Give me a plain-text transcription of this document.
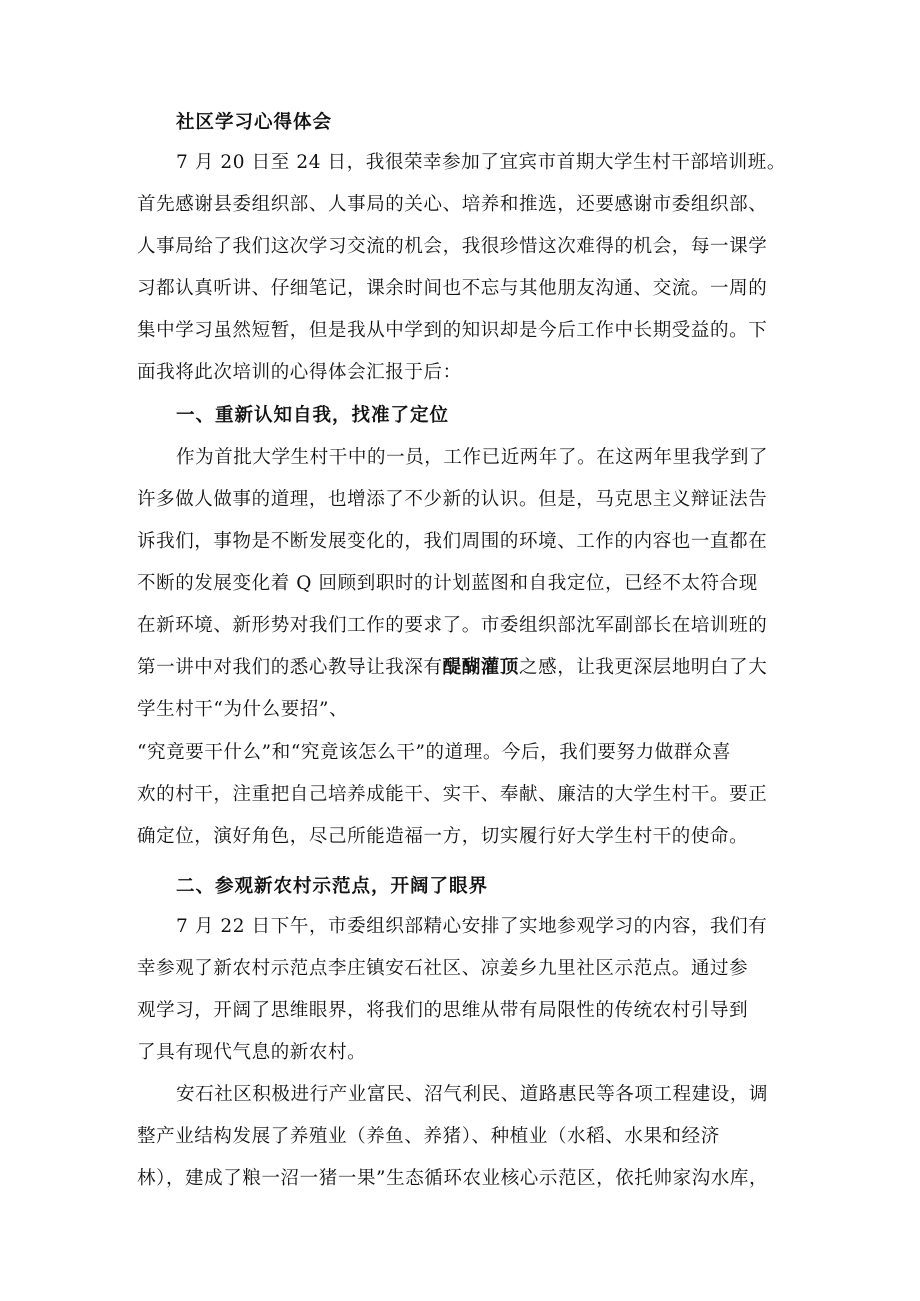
社区学习心得体会
7 月 20 日至 24 日，我很荣幸参加了宜宾市首期大学生村干部培训班。
首先感谢县委组织部、人事局的关心、培养和推选，还要感谢市委组织部、
人事局给了我们这次学习交流的机会，我很珍惜这次难得的机会，每一课学
习都认真听讲、仔细笔记，课余时间也不忘与其他朋友沟通、交流。一周的
集中学习虽然短暂，但是我从中学到的知识却是今后工作中长期受益的。下
面我将此次培训的心得体会汇报于后：
一、重新认知自我，找准了定位
作为首批大学生村干中的一员，工作已近两年了。在这两年里我学到了
许多做人做事的道理，也增添了不少新的认识。但是，马克思主义辩证法告
诉我们，事物是不断发展变化的，我们周围的环境、工作的内容也一直都在
不断的发展变化着 Q 回顾到职时的计划蓝图和自我定位，已经不太符合现
在新环境、新形势对我们工作的要求了。市委组织部沈军副部长在培训班的
第一讲中对我们的悉心教导让我深有醍醐灌顶之感，让我更深层地明白了大
学生村干“为什么要招”、
“究竟要干什么”和“究竟该怎么干”的道理。今后，我们要努力做群众喜
欢的村干，注重把自己培养成能干、实干、奉献、廉洁的大学生村干。要正
确定位，演好角色，尽己所能造福一方，切实履行好大学生村干的使命。
二、参观新农村示范点，开阔了眼界
7 月 22 日下午，市委组织部精心安排了实地参观学习的内容，我们有
幸参观了新农村示范点李庄镇安石社区、凉姜乡九里社区示范点。通过参
观学习，开阔了思维眼界，将我们的思维从带有局限性的传统农村引导到
了具有现代气息的新农村。
安石社区积极进行产业富民、沼气利民、道路惠民等各项工程建设，调
整产业结构发展了养殖业（养鱼、养猪）、种植业（水稻、水果和经济
林），建成了粮一沼一猪一果”生态循环农业核心示范区，依托帅家沟水库，
